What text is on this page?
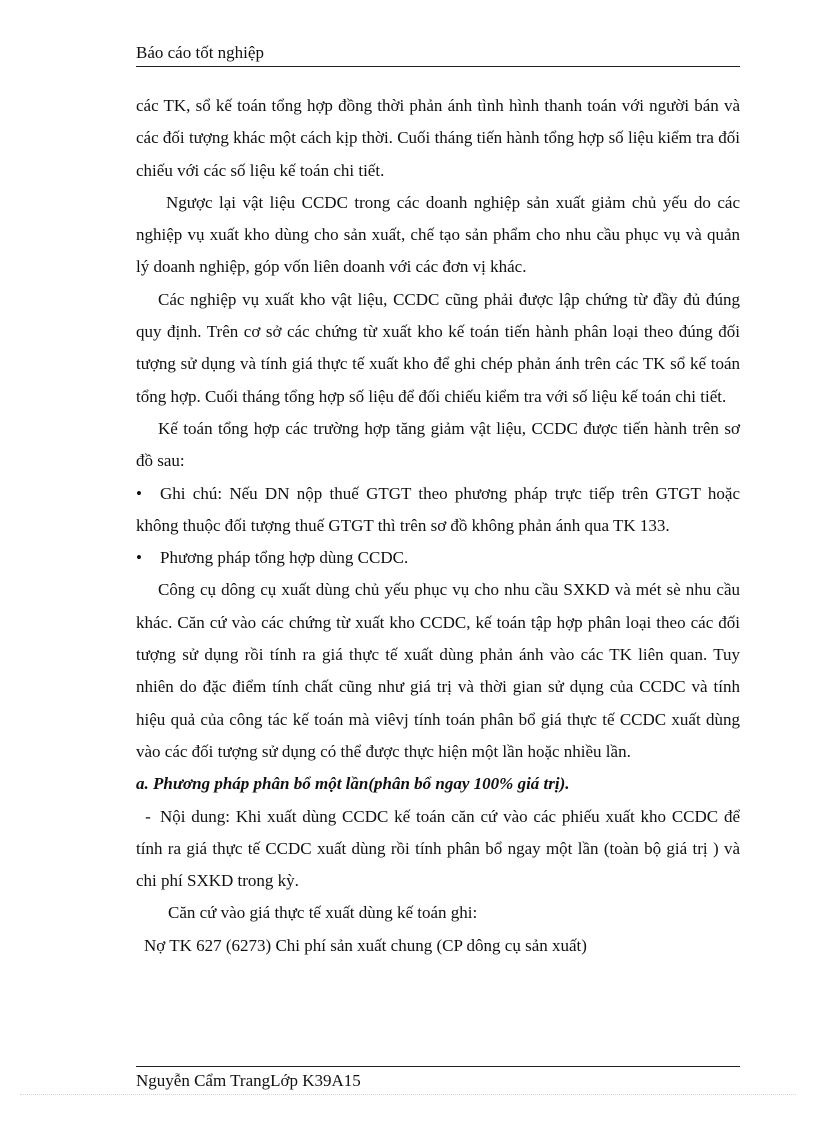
Báo cáo tốt nghiệp

các TK, sổ kế toán tổng hợp đồng thời phản ánh tình hình thanh toán với người bán và các đối tượng khác một cách kịp thời. Cuối tháng tiến hành tổng hợp số liệu kiểm tra đối chiếu với các số liệu kế toán chi tiết.

Ngược lại vật liệu CCDC trong các doanh nghiệp sản xuất giảm chủ yếu do các nghiệp vụ xuất kho dùng cho sản xuất, chế tạo sản phẩm cho nhu cầu phục vụ và quản lý doanh nghiệp, góp vốn liên doanh với các đơn vị khác.

Các nghiệp vụ xuất kho vật liệu, CCDC cũng phải được lập chứng từ đầy đủ đúng quy định. Trên cơ sở các chứng từ xuất kho kế toán tiến hành phân loại theo đúng đối tượng sử dụng và tính giá thực tế xuất kho để ghi chép phản ánh trên các TK sổ kế toán tổng hợp. Cuối tháng tổng hợp số liệu để đối chiếu kiểm tra với số liệu kế toán chi tiết.

Kế toán tổng hợp các trường hợp tăng giảm vật liệu, CCDC được tiến hành trên sơ đồ sau:

• Ghi chú: Nếu DN nộp thuế GTGT theo phương pháp trực tiếp trên GTGT hoặc không thuộc đối tượng thuế GTGT thì trên sơ đồ không phản ánh qua TK 133.

• Phương pháp tổng hợp dùng CCDC.

Công cụ dông cụ xuất dùng chủ yếu phục vụ cho nhu cầu SXKD và mét sè nhu cầu khác. Căn cứ vào các chứng từ xuất kho CCDC, kế toán tập hợp phân loại theo các đối tượng sử dụng rồi tính ra giá thực tế xuất dùng phản ánh vào các TK liên quan. Tuy nhiên do đặc điểm tính chất cũng như giá trị và thời gian sử dụng của CCDC và tính hiệu quả của công tác kế toán mà viêvj tính toán phân bổ giá thực tế CCDC xuất dùng vào các đối tượng sử dụng có thể được thực hiện một lần hoặc nhiều lần.

a. Phương pháp phân bổ một lần(phân bổ ngay 100% giá trị).

- Nội dung: Khi xuất dùng CCDC kế toán căn cứ vào các phiếu xuất kho CCDC để tính ra giá thực tế CCDC xuất dùng rồi tính phân bổ ngay một lần (toàn bộ giá trị ) và chi phí SXKD trong kỳ.

Căn cứ vào giá thực tế xuất dùng kế toán ghi:

Nợ TK 627 (6273) Chi phí sản xuất chung (CP dông cụ sản xuất)

Nguyễn Cẩm TrangLớp K39A15
